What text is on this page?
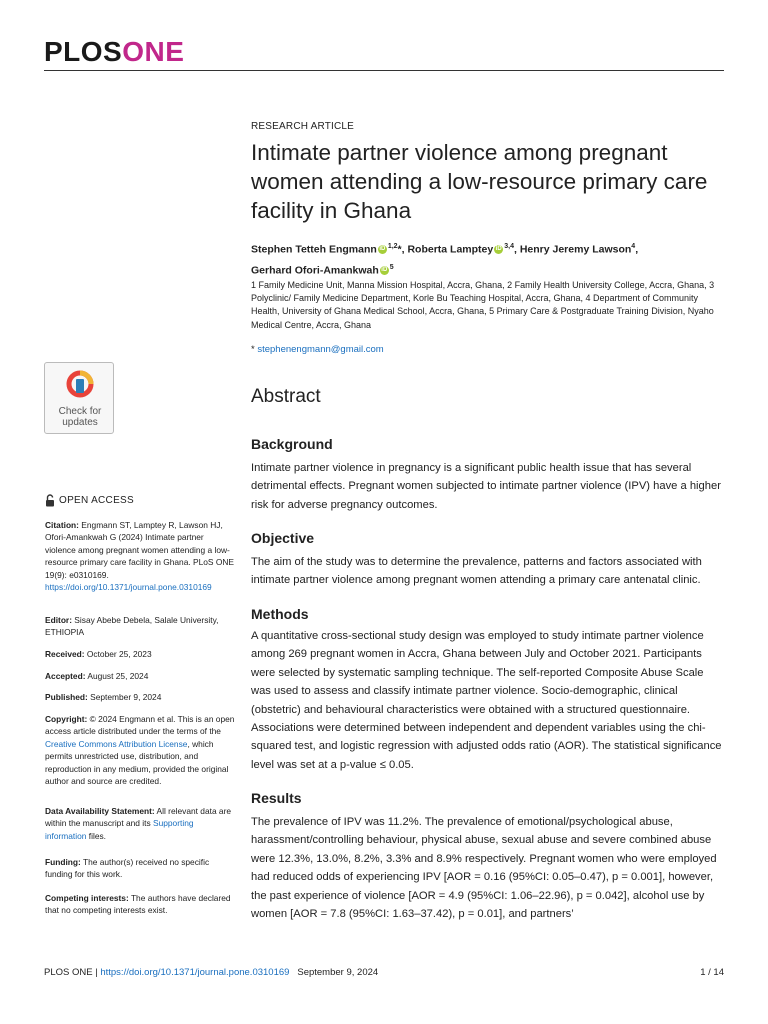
PLOSONE
RESEARCH ARTICLE
Intimate partner violence among pregnant women attending a low-resource primary care facility in Ghana
Stephen Tetteh Engmann iD $^{1,2}$*, Roberta Lamptey iD $^{3,4}$, Henry Jeremy Lawson$^4$,
Gerhard Ofori-Amankwah iD $^5$
1 Family Medicine Unit, Manna Mission Hospital, Accra, Ghana, 2 Family Health University College, Accra, Ghana, 3 Polyclinic/ Family Medicine Department, Korle Bu Teaching Hospital, Accra, Ghana, 4 Department of Community Health, University of Ghana Medical School, Accra, Ghana, 5 Primary Care & Postgraduate Training Division, Nyaho Medical Centre, Accra, Ghana
* stephenengmann@gmail.com
Abstract
Background
Intimate partner violence in pregnancy is a significant public health issue that has several detrimental effects. Pregnant women subjected to intimate partner violence (IPV) have a higher risk for adverse pregnancy outcomes.
Objective
The aim of the study was to determine the prevalence, patterns and factors associated with intimate partner violence among pregnant women attending a primary care antenatal clinic.
Methods
A quantitative cross-sectional study design was employed to study intimate partner violence among 269 pregnant women in Accra, Ghana between July and October 2021. Participants were selected by systematic sampling technique. The self-reported Composite Abuse Scale was used to assess and classify intimate partner violence. Socio-demographic, clinical (obstetric) and behavioural characteristics were obtained with a structured questionnaire. Associations were determined between independent and dependent variables using the chi-squared test, and logistic regression with adjusted odds ratio (AOR). The statistical significance level was set at a p-value ≤ 0.05.
Results
The prevalence of IPV was 11.2%. The prevalence of emotional/psychological abuse, harassment/controlling behaviour, physical abuse, sexual abuse and severe combined abuse were 12.3%, 13.0%, 8.2%, 3.3% and 8.9% respectively. Pregnant women who were employed had reduced odds of experiencing IPV [AOR = 0.16 (95%CI: 0.05–0.47), p = 0.001], however, the past experience of violence [AOR = 4.9 (95%CI: 1.06–22.96), p = 0.042], alcohol use by women [AOR = 7.8 (95%CI: 1.63–37.42), p = 0.01], and partners’
Check for
updates
OPEN ACCESS
Citation: Engmann ST, Lamptey R, Lawson HJ, Ofori-Amankwah G (2024) Intimate partner violence among pregnant women attending a low-resource primary care facility in Ghana. PLoS ONE 19(9): e0310169. https://doi.org/10.1371/journal.pone.0310169
Editor: Sisay Abebe Debela, Salale University, ETHIOPIA
Received: October 25, 2023
Accepted: August 25, 2024
Published: September 9, 2024
Copyright: © 2024 Engmann et al. This is an open access article distributed under the terms of the Creative Commons Attribution License, which permits unrestricted use, distribution, and reproduction in any medium, provided the original author and source are credited.
Data Availability Statement: All relevant data are within the manuscript and its Supporting information files.
Funding: The author(s) received no specific funding for this work.
Competing interests: The authors have declared that no competing interests exist.
PLOS ONE | https://doi.org/10.1371/journal.pone.0310169 September 9, 2024	1 / 14
